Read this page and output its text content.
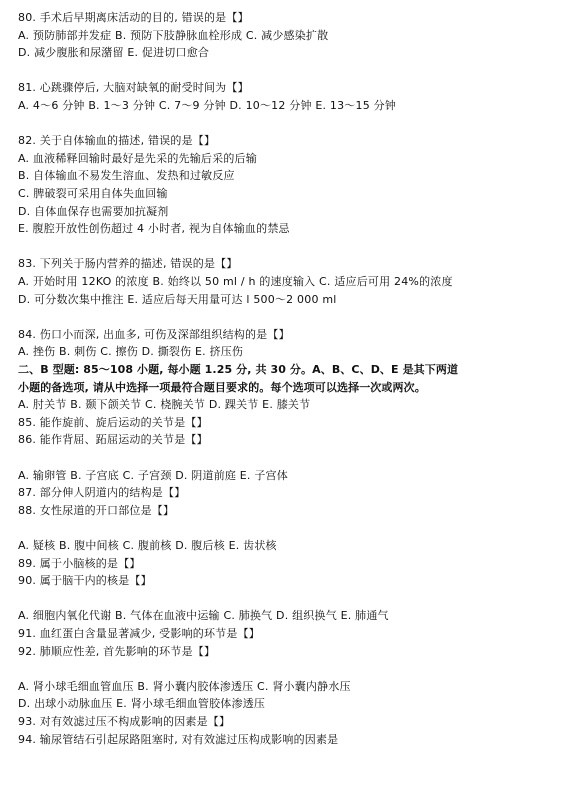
80. 手术后早期离床活动的目的, 错误的是【】
A. 预防肺部并发症 B. 预防下肢静脉血栓形成 C. 减少感染扩散
D. 减少腹胀和尿潴留 E. 促进切口愈合
81. 心跳骤停后, 大脑对缺氧的耐受时间为【】
A. 4～6 分钟 B. 1～3 分钟 C. 7～9 分钟 D. 10～12 分钟 E. 13～15 分钟
82. 关于自体输血的描述, 错误的是【】
A. 血液稀释回输时最好是先采的先输后采的后输
B. 自体输血不易发生溶血、发热和过敏反应
C. 脾破裂可采用自体失血回输
D. 自体血保存也需要加抗凝剂
E. 腹腔开放性创伤超过 4 小时者, 视为自体输血的禁忌
83. 下列关于肠内营养的描述, 错误的是【】
A. 开始时用 12KO 的浓度 B. 始终以 50 ml / h 的速度输入 C. 适应后可用 24%的浓度
D. 可分数次集中推注 E. 适应后每天用量可达 l 500～2 000 ml
84. 伤口小而深, 出血多, 可伤及深部组织结构的是【】
A. 挫伤 B. 刺伤 C. 擦伤 D. 撕裂伤 E. 挤压伤
二、B 型题: 85～108 小题, 每小题 1.25 分, 共 30 分。A、B、C、D、E 是其下两道
小题的备选项, 请从中选择一项最符合题目要求的。每个选项可以选择一次或两次。
A. 肘关节 B. 颞下颌关节 C. 桡腕关节 D. 踝关节 E. 膝关节
85. 能作旋前、旋后运动的关节是【】
86. 能作背屈、跖屈运动的关节是【】
A. 输卵管 B. 子宫底 C. 子宫颈 D. 阴道前庭 E. 子宫体
87. 部分伸人阴道内的结构是【】
88. 女性尿道的开口部位是【】
A. 疑核 B. 腹中间核 C. 腹前核 D. 腹后核 E. 齿状核
89. 属于小脑核的是【】
90. 属于脑干内的核是【】
A. 细胞内氧化代谢 B. 气体在血液中运输 C. 肺换气 D. 组织换气 E. 肺通气
91. 血红蛋白含量显著减少, 受影响的环节是【】
92. 肺顺应性差, 首先影响的环节是【】
A. 肾小球毛细血管血压 B. 肾小囊内胶体渗透压 C. 肾小囊内静水压
D. 出球小动脉血压 E. 肾小球毛细血管胶体渗透压
93. 对有效滤过压不构成影响的因素是【】
94. 输尿管结石引起尿路阻塞时, 对有效滤过压构成影响的因素是
